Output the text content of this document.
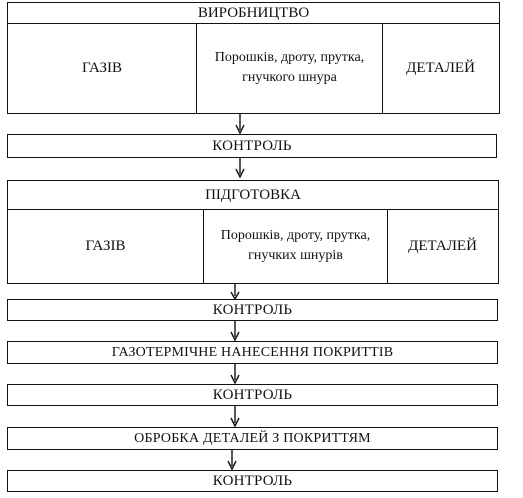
ВИРОБНИЦТВО
ГАЗІВ
Порошків, дроту, прутка, гнучкого шнура
ДЕТАЛЕЙ
КОНТРОЛЬ
ПІДГОТОВКА
ГАЗІВ
Порошків, дроту, прутка, гнучких шнурів
ДЕТАЛЕЙ
КОНТРОЛЬ
ГАЗОТЕРМІЧНЕ НАНЕСЕННЯ ПОКРИТТІВ
КОНТРОЛЬ
ОБРОБКА ДЕТАЛЕЙ З ПОКРИТТЯМ
КОНТРОЛЬ
